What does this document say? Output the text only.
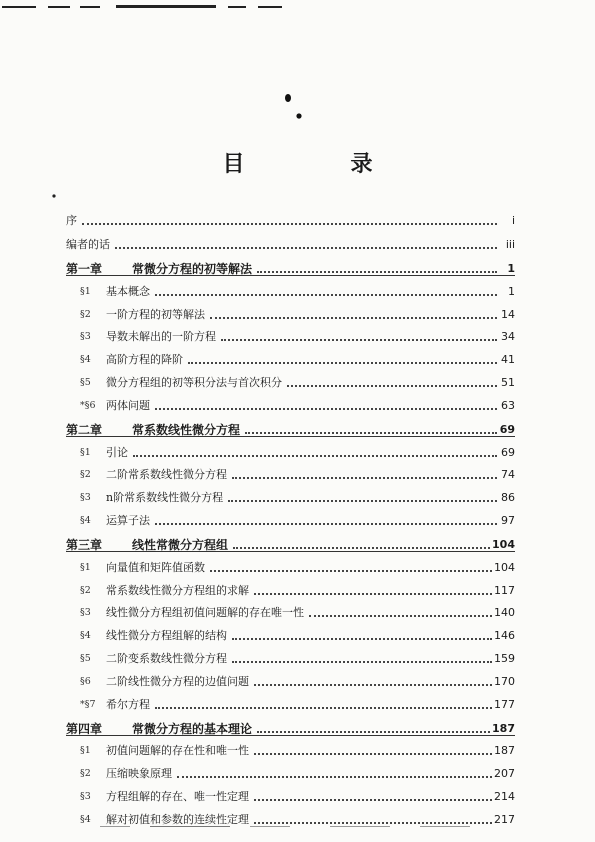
目　录
序	i
编者的话	iii
第一章	常微分方程的初等解法	1
§1	基本概念	1
§2	一阶方程的初等解法	14
§3	导数未解出的一阶方程	34
§4	高阶方程的降阶	41
§5	微分方程组的初等积分法与首次积分	51
*§6 两体问题	63
第二章	常系数线性微分方程	69
§1	引论	69
§2	二阶常系数线性微分方程	74
§3	n阶常系数线性微分方程	86
§4	运算子法	97
第三章	线性常微分方程组	104
§1	向量值和矩阵值函数	104
§2	常系数线性微分方程组的求解	117
§3	线性微分方程组初值问题解的存在唯一性	140
§4	线性微分方程组解的结构	146
§5	二阶变系数线性微分方程	159
§6	二阶线性微分方程的边值问题	170
*§7 希尔方程	177
第四章	常微分方程的基本理论	187
§1	初值问题解的存在性和唯一性	187
§2	压缩映象原理	207
§3	方程组解的存在、唯一性定理	214
§4	解对初值和参数的连续性定理	217
